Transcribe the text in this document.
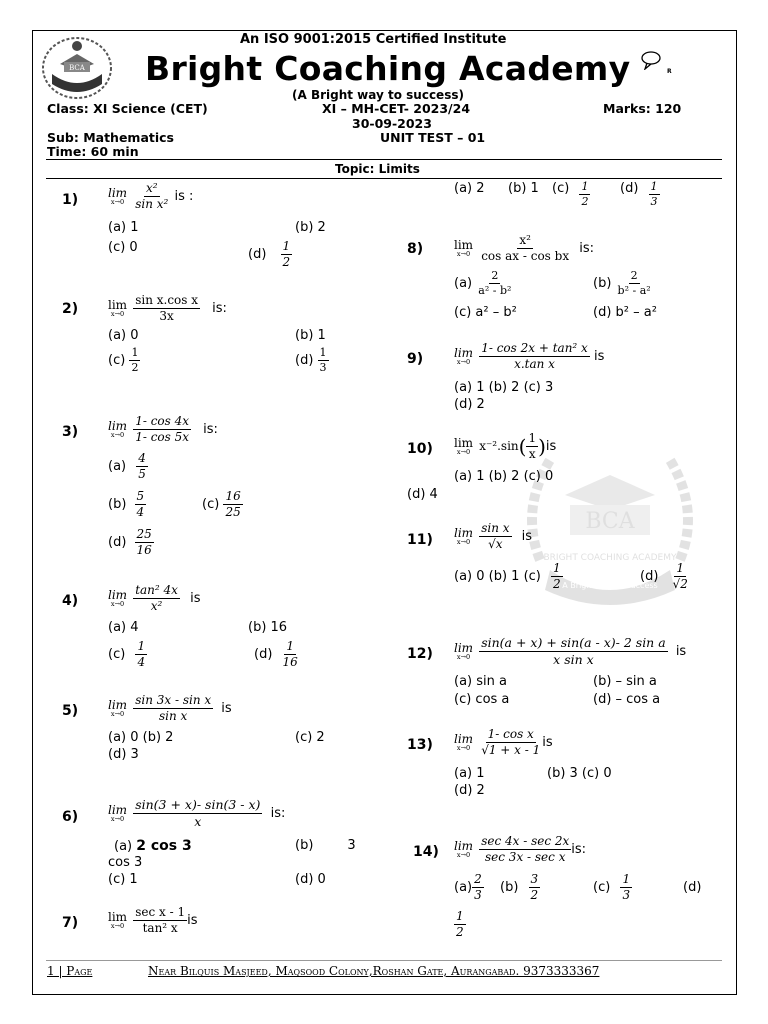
BCA
BCA
BRIGHT COACHING ACADEMY
A Bright way to success
An ISO 9001:2015 Certified Institute
Bright Coaching Academy	R
(A Bright way to success)
Class: XI Science (CET)	XI – MH-CET- 2023/24	Marks: 120
30-09-2023
Sub: Mathematics	UNIT TEST – 01
Time: 60 min
Topic: Limits
1) lim
x→0
$\frac{\text{x²}}{\text{sin x²}}$ is :
(a) 1	(b) 2
(c) 0	$(d) \frac{1}{2}$
2) lim
x→0
$\frac{\text{sin x.cos x}}{3x}$ is:
(a) 0	(b) 1
$(c) \frac{1}{2}$	$(d) \frac{1}{3}$
3) lim
x→0
$\frac{1- \cos 4x}{1- \cos 5x}$ is:
$(a) \frac{4}{5}$
$(b) \frac{5}{4}$	$(c) \frac{16}{25}$
$(d) \frac{25}{16}$
4) lim
x→0
$\frac{\text{tan² 4x}}{\text{x²}}$ is
(a) 4	(b) 16
$(c) \frac{1}{4}$	$(d) \frac{1}{16}$
5) lim
x→0
$\frac{\text{sin 3x - sin x}}{\text{sin x}}$ is
(a) 0 (b) 2	(c) 2
(d) 3
6) lim
x→0
$\frac{\sin(3 + x)- \sin(3 - x)}{x}$ is:
(a) 2 cos 3	(b)	3
cos 3
(c) 1	(d) 0
7) lim
x→0
$\frac{\text{sec x - 1}}{\text{tan² x}}$ is
(a) 2 (b) 1 $(c) \frac{1}{2} (d) \frac{1}{3}$
8)	lim
x→0
$\frac{\text{x²}}{\text{cos ax - cos bx}}$ is:
$(a) \frac{2}{\text{a² - b²}}$	$(b) \frac{2}{\text{b² - a²}}$
(c) a² – b²	(d) b² – a²
9)	lim
x→0
$\frac{\text{1- cos 2x + tan² x}}{\text{x.tan x}}$ is
(a) 1 (b) 2 (c) 3
(d) 2
10) lim
x→0 $x^{-2}.\sin( \frac{1}{x} )is$
(a) 1 (b) 2 (c) 0
(d) 4
11) lim
x→0
$\frac{\text{sin x}}{√x}$ is
(a) 0 (b) 1 $(c) \frac{1}{2}$	$(d) \frac{1}{√2}$
12) lim
x→0
$\frac{\text{sin(a + x) + sin(a - x)- 2 sin a}}{\text{x sin x}}$ is
(a) sin a	(b) – sin a
(c) cos a	(d) – cos a
13) lim
x→0
$\frac{\text{1- cos x}}{√1 + x - 1}$ is
(a) 1	(b) 3 (c) 0
(d) 2
14) lim
x→0
$\frac{\sec 4x - \sec 2x}{\text{sec 3x - sec x}}$ is:
$(a) \frac{2}{3} (b) \frac{3}{2}$	$(c) \frac{1}{3}$	(d)
$\frac{1}{2}$
1 | Page	Near Bilquis Masjeed, Maqsood Colony,Roshan Gate, Aurangabad. 9373333367
